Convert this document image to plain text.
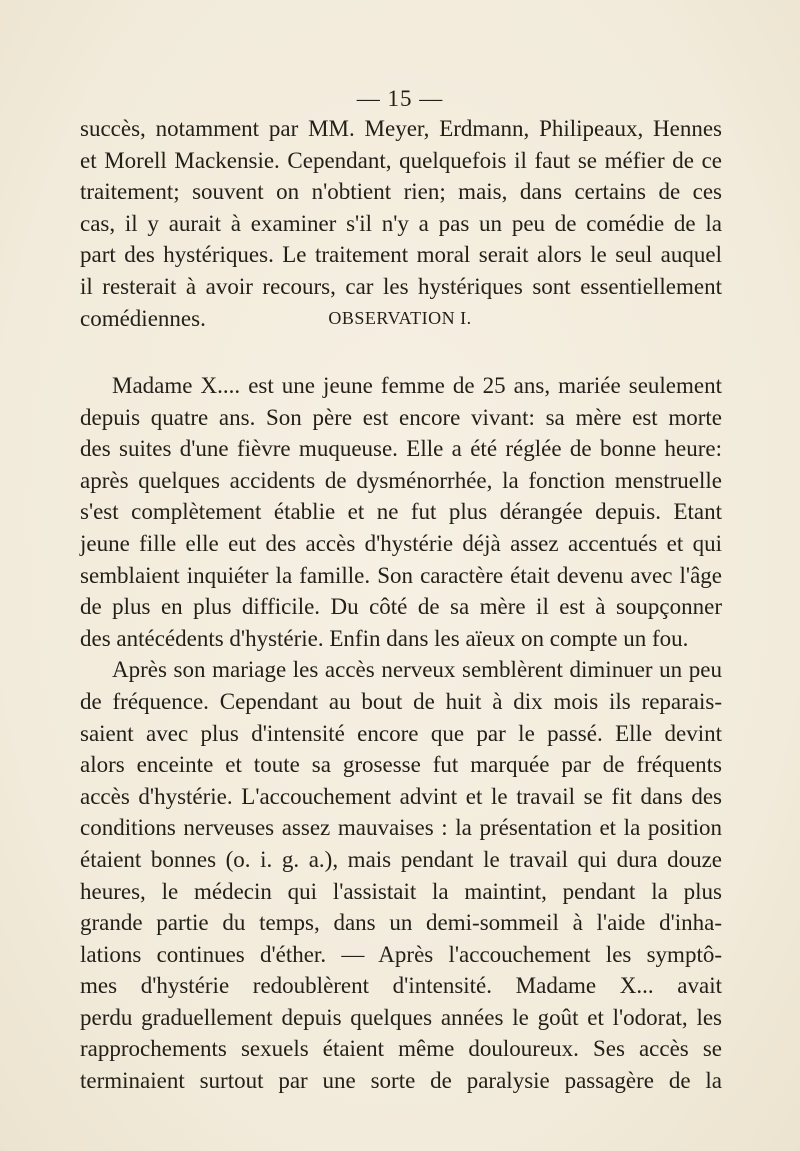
— 15 —
succès, notamment par MM. Meyer, Erdmann, Philipeaux, Hennes
et Morell Mackensie. Cependant, quelquefois il faut se méfier de ce
traitement; souvent on n'obtient rien; mais, dans certains de ces
cas, il y aurait à examiner s'il n'y a pas un peu de comédie de la
part des hystériques. Le traitement moral serait alors le seul auquel
il resterait à avoir recours, car les hystériques sont essentiellement
comédiennes.	OBSERVATION I.
Madame X.... est une jeune femme de 25 ans, mariée seulement
depuis quatre ans. Son père est encore vivant: sa mère est morte
des suites d'une fièvre muqueuse. Elle a été réglée de bonne heure:
après quelques accidents de dysménorrhée, la fonction menstruelle
s'est complètement établie et ne fut plus dérangée depuis. Etant
jeune fille elle eut des accès d'hystérie déjà assez accentués et qui
semblaient inquiéter la famille. Son caractère était devenu avec l'âge
de plus en plus difficile. Du côté de sa mère il est à soupçonner
des antécédents d'hystérie. Enfin dans les aïeux on compte un fou.
Après son mariage les accès nerveux semblèrent diminuer un peu
de fréquence. Cependant au bout de huit à dix mois ils reparais-
saient avec plus d'intensité encore que par le passé. Elle devint
alors enceinte et toute sa grosesse fut marquée par de fréquents
accès d'hystérie. L'accouchement advint et le travail se fit dans des
conditions nerveuses assez mauvaises : la présentation et la position
étaient bonnes (o. i. g. a.), mais pendant le travail qui dura douze
heures, le médecin qui l'assistait la maintint, pendant la plus
grande partie du temps, dans un demi-sommeil à l'aide d'inha-
lations continues d'éther. — Après l'accouchement les symptô-
mes d'hystérie redoublèrent d'intensité. Madame X... avait
perdu graduellement depuis quelques années le goût et l'odorat, les
rapprochements sexuels étaient même douloureux. Ses accès se
terminaient surtout par une sorte de paralysie passagère de la
